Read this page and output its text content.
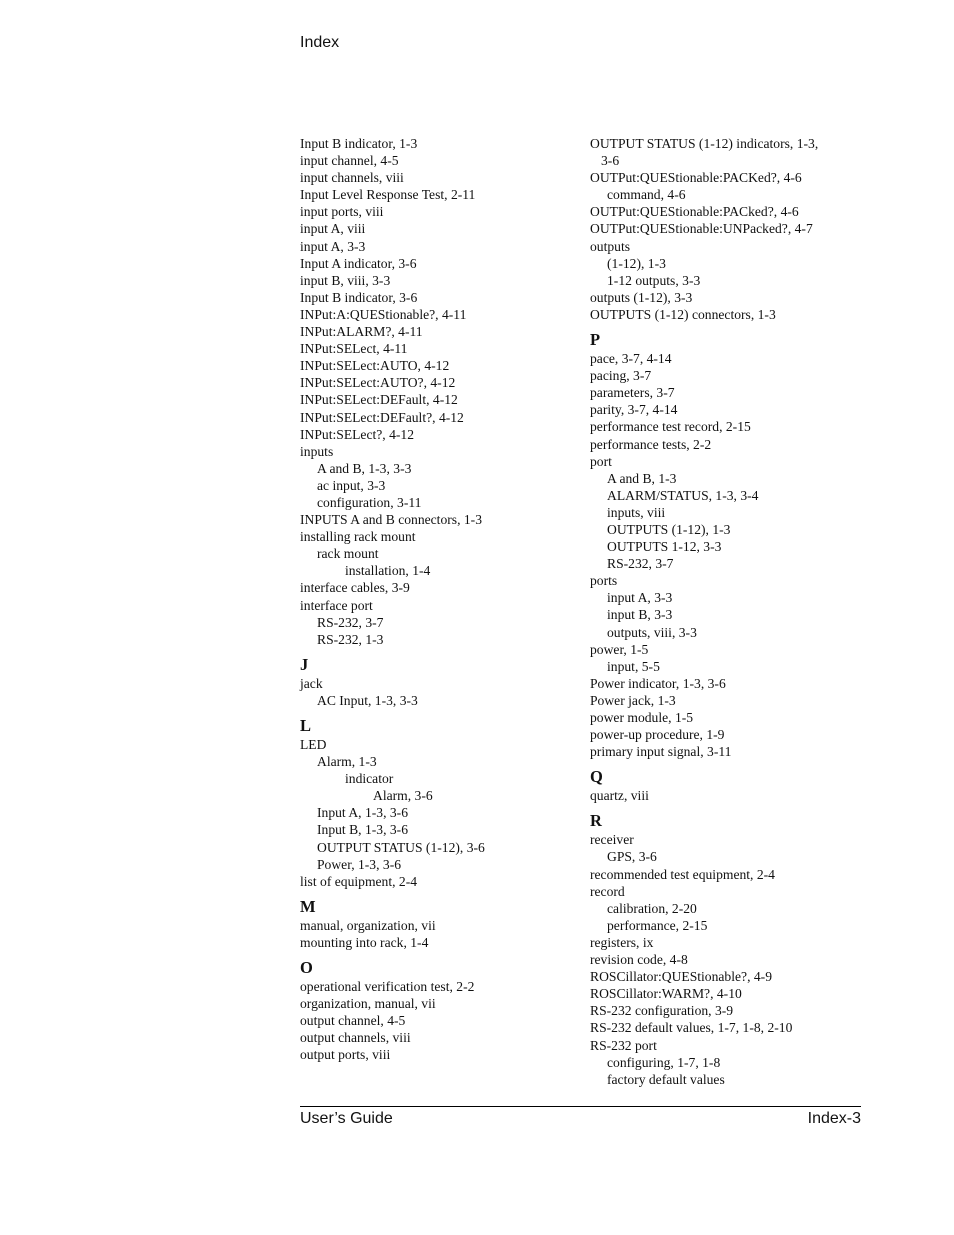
Index
Input B indicator, 1-3
input channel, 4-5
input channels, viii
Input Level Response Test, 2-11
input ports, viii
input A, viii
input A, 3-3
Input A indicator, 3-6
input B, viii, 3-3
Input B indicator, 3-6
INPut:A:QUEStionable?, 4-11
INPut:ALARM?, 4-11
INPut:SELect, 4-11
INPut:SELect:AUTO, 4-12
INPut:SELect:AUTO?, 4-12
INPut:SELect:DEFault, 4-12
INPut:SELect:DEFault?, 4-12
INPut:SELect?, 4-12
inputs
A and B, 1-3, 3-3
ac input, 3-3
configuration, 3-11
INPUTS A and B connectors, 1-3
installing rack mount
rack mount
installation, 1-4
interface cables, 3-9
interface port
RS-232, 3-7
RS-232, 1-3
J
jack
AC Input, 1-3, 3-3
L
LED
Alarm, 1-3
indicator
Alarm, 3-6
Input A, 1-3, 3-6
Input B, 1-3, 3-6
OUTPUT STATUS (1-12), 3-6
Power, 1-3, 3-6
list of equipment, 2-4
M
manual, organization, vii
mounting into rack, 1-4
O
operational verification test, 2-2
organization, manual, vii
output channel, 4-5
output channels, viii
output ports, viii
OUTPUT STATUS (1-12) indicators, 1-3,
3-6
OUTPut:QUEStionable:PACKed?, 4-6
command, 4-6
OUTPut:QUEStionable:PACked?, 4-6
OUTPut:QUEStionable:UNPacked?, 4-7
outputs
(1-12), 1-3
1-12 outputs, 3-3
outputs (1-12), 3-3
OUTPUTS (1-12) connectors, 1-3
P
pace, 3-7, 4-14
pacing, 3-7
parameters, 3-7
parity, 3-7, 4-14
performance test record, 2-15
performance tests, 2-2
port
A and B, 1-3
ALARM/STATUS, 1-3, 3-4
inputs, viii
OUTPUTS (1-12), 1-3
OUTPUTS 1-12, 3-3
RS-232, 3-7
ports
input A, 3-3
input B, 3-3
outputs, viii, 3-3
power, 1-5
input, 5-5
Power indicator, 1-3, 3-6
Power jack, 1-3
power module, 1-5
power-up procedure, 1-9
primary input signal, 3-11
Q
quartz, viii
R
receiver
GPS, 3-6
recommended test equipment, 2-4
record
calibration, 2-20
performance, 2-15
registers, ix
revision code, 4-8
ROSCillator:QUEStionable?, 4-9
ROSCillator:WARM?, 4-10
RS-232 configuration, 3-9
RS-232 default values, 1-7, 1-8, 2-10
RS-232 port
configuring, 1-7, 1-8
factory default values
User’s Guide	Index-3
